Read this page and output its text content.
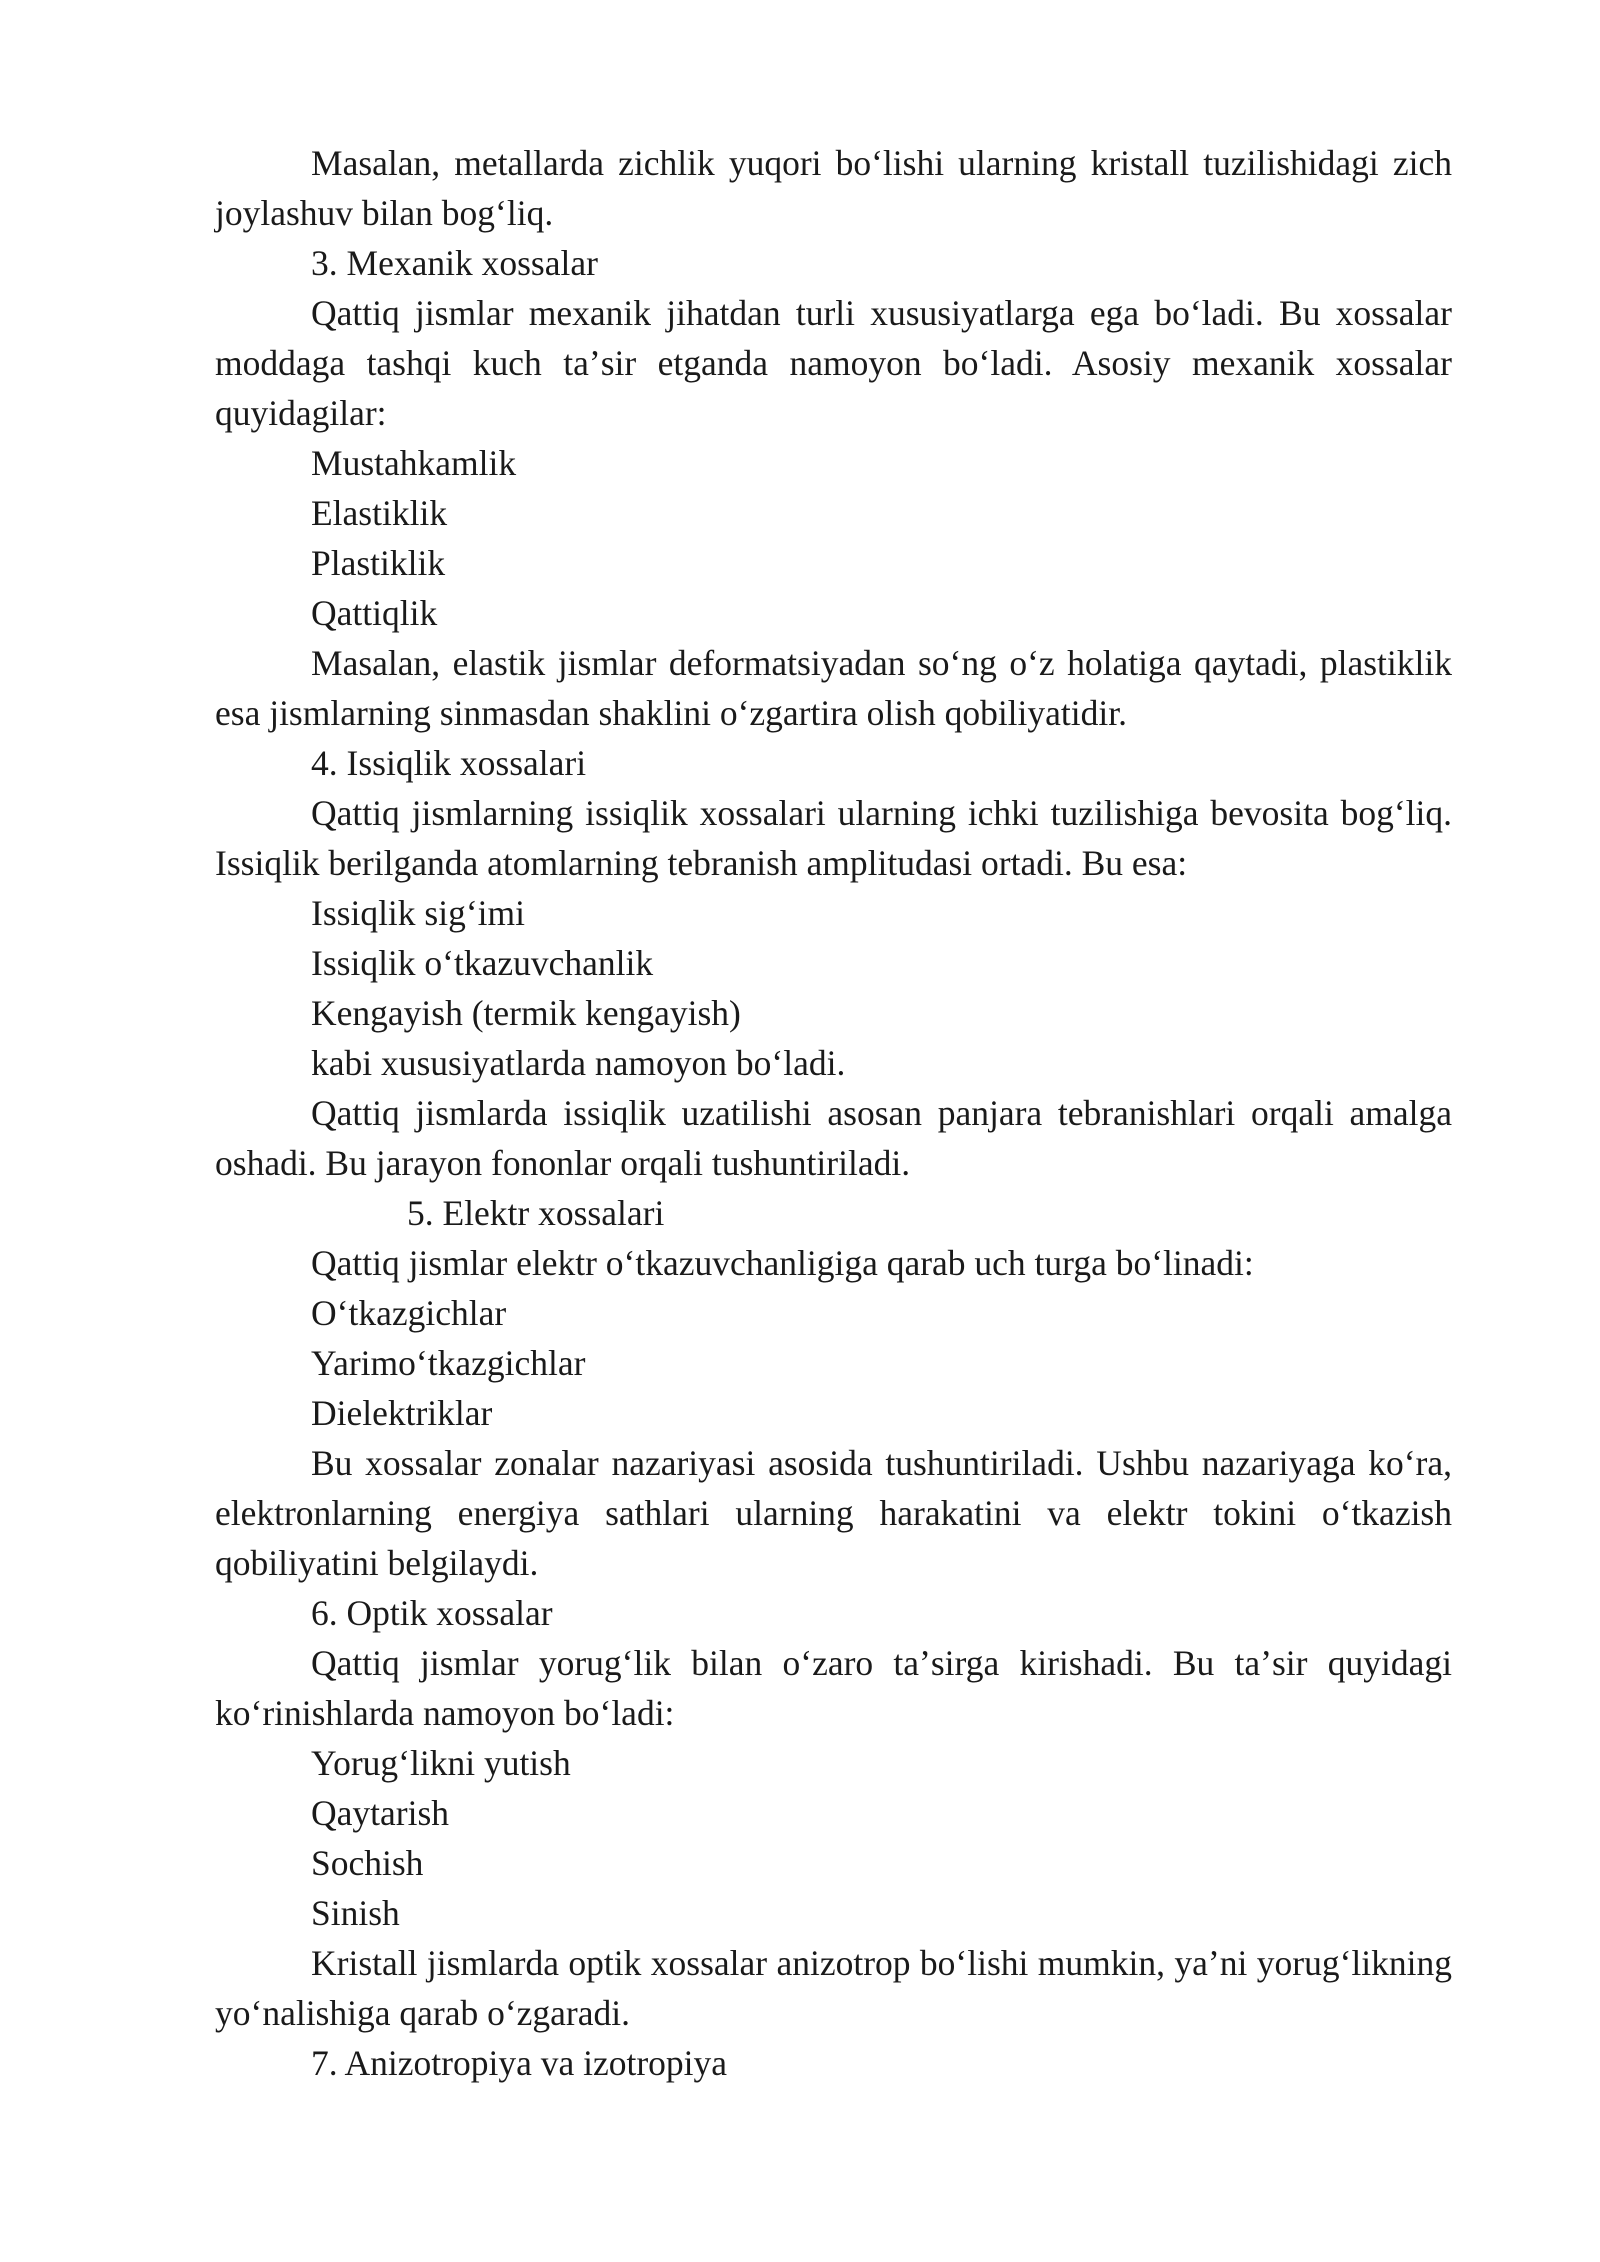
Masalan, metallarda zichlik yuqori boʻlishi ularning kristall tuzilishidagi zich joylashuv bilan bogʻliq.

3. Mexanik xossalar

Qattiq jismlar mexanik jihatdan turli xususiyatlarga ega boʻladi. Bu xossalar moddaga tashqi kuch taʼsir etganda namoyon boʻladi. Asosiy mexanik xossalar quyidagilar:

Mustahkamlik

Elastiklik

Plastiklik

Qattiqlik

Masalan, elastik jismlar deformatsiyadan soʻng oʻz holatiga qaytadi, plastiklik esa jismlarning sinmasdan shaklini oʻzgartira olish qobiliyatidir.

4. Issiqlik xossalari

Qattiq jismlarning issiqlik xossalari ularning ichki tuzilishiga bevosita bogʻliq. Issiqlik berilganda atomlarning tebranish amplitudasi ortadi. Bu esa:

Issiqlik sigʻimi

Issiqlik oʻtkazuvchanlik

Kengayish (termik kengayish)

kabi xususiyatlarda namoyon boʻladi.

Qattiq jismlarda issiqlik uzatilishi asosan panjara tebranishlari orqali amalga oshadi. Bu jarayon fononlar orqali tushuntiriladi.

5. Elektr xossalari

Qattiq jismlar elektr oʻtkazuvchanligiga qarab uch turga boʻlinadi:

Oʻtkazgichlar

Yarimoʻtkazgichlar

Dielektriklar

Bu xossalar zonalar nazariyasi asosida tushuntiriladi. Ushbu nazariyaga koʻra, elektronlarning energiya sathlari ularning harakatini va elektr tokini oʻtkazish qobiliyatini belgilaydi.

6. Optik xossalar

Qattiq jismlar yorugʻlik bilan oʻzaro taʼsirga kirishadi. Bu taʼsir quyidagi koʻrinishlarda namoyon boʻladi:

Yorugʻlikni yutish

Qaytarish

Sochish

Sinish

Kristall jismlarda optik xossalar anizotrop boʻlishi mumkin, yaʼni yorugʻlikning yoʻnalishiga qarab oʻzgaradi.

7. Anizotropiya va izotropiya
